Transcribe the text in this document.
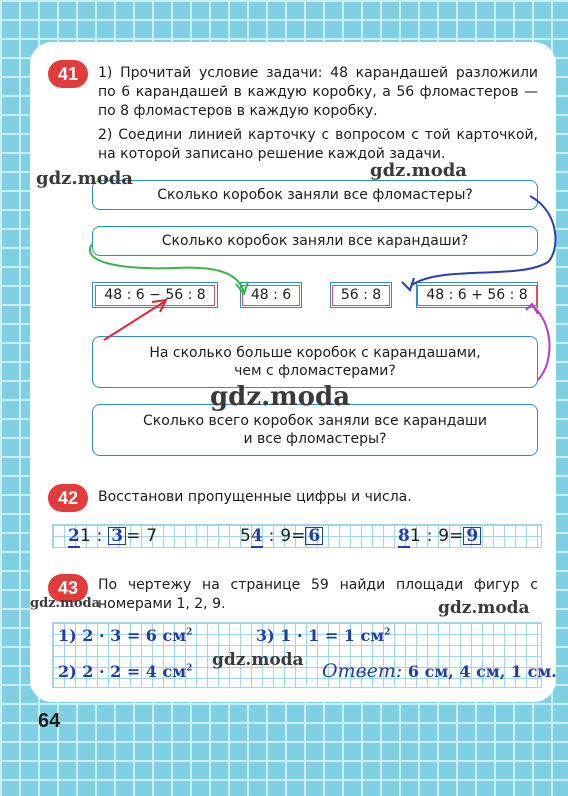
41	1) Прочитай условие задачи: 48 карандашей разложили по 6 карандашей в каждую коробку, а 56 фломастеров — по 8 фломастеров в каждую коробку.
2) Соедини линией карточку с вопросом с той карточкой, на которой записано решение каждой задачи.
Сколько коробок заняли все фломастеры?
Сколько коробок заняли все карандаши?
48 : 6 − 56 : 8	48 : 6	56 : 8	48 : 6 + 56 : 8
На сколько больше коробок с карандашами, чем с фломастерами?
Сколько всего коробок заняли все карандаши и все фломастеры?
42	Восстанови пропущенные цифры и числа.
21 : 3 = 7	54 : 9= 6	81 : 9= 9
43	По чертежу на странице 59 найди площади фигур с номерами 1, 2, 9.
1) 2 · 3 = 6 $см^2$	3) 1 · 1 = 1 $см^2$
2) 2 · 2 = 4 $см^2$	Ответ: 6 см, 4 см, 1 см.
64
gdz.moda	gdz.moda
gdz.moda
gdz.moda	gdz.moda
gdz.moda
